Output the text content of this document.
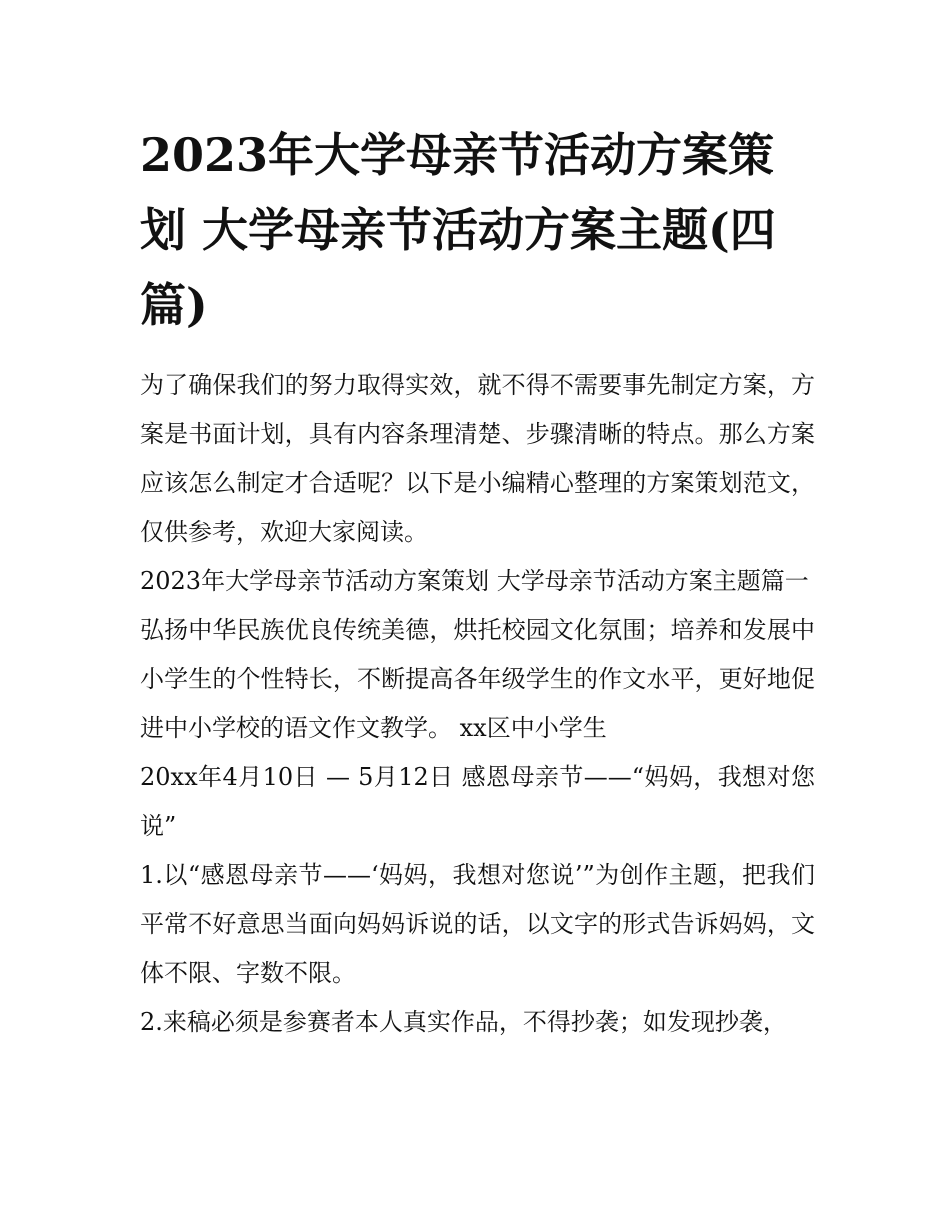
2023年大学母亲节活动方案策划 大学母亲节活动方案主题(四篇)

为了确保我们的努力取得实效，就不得不需要事先制定方案，方案是书面计划，具有内容条理清楚、步骤清晰的特点。那么方案应该怎么制定才合适呢？以下是小编精心整理的方案策划范文，仅供参考，欢迎大家阅读。

2023年大学母亲节活动方案策划 大学母亲节活动方案主题篇一

弘扬中华民族优良传统美德，烘托校园文化氛围；培养和发展中小学生的个性特长，不断提高各年级学生的作文水平，更好地促进中小学校的语文作文教学。 xx区中小学生

20xx年4月10日 — 5月12日 感恩母亲节——“妈妈，我想对您说”

1.以“感恩母亲节——‘妈妈，我想对您说’”为创作主题，把我们平常不好意思当面向妈妈诉说的话，以文字的形式告诉妈妈，文体不限、字数不限。

2.来稿必须是参赛者本人真实作品，不得抄袭；如发现抄袭，
